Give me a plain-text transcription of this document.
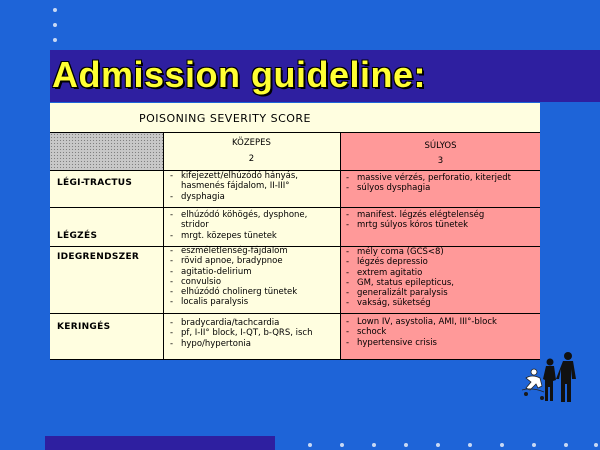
Admission guideline:
POISONING SEVERITY SCORE
KÖZEPES
2
SÚLYOS
3
LÉGI-TRACTUS
LÉGZÉS
IDEGRENDSZER
KERINGÉS
- kifejezett/elhúzódó hányás,
hasmenés fájdalom, II-III°
- dysphagia
- massive vérzés, perforatio, kiterjedt
- súlyos dysphagia
- elhúzódó köhögés, dysphone,
stridor
- mrgt. közepes tünetek
- manifest. légzés elégtelenség
- mrtg súlyos kóros tünetek
- eszméletlenség-fájdalom
- rövid apnoe, bradypnoe
- agitatio-delirium
- convulsio
- elhúzódó cholinerg tünetek
- localis paralysis
- mély coma (GCS<8)
- légzés depressio
- extrem agitatio
- GM, status epilepticus,
- generalizált paralysis
- vakság, süketség
- bradycardia/tachcardia
- pf, I-II° block, I-QT, b-QRS, isch
- hypo/hypertonia
- Lown IV, asystolia, AMI, III°-block
- schock
- hypertensive crisis
